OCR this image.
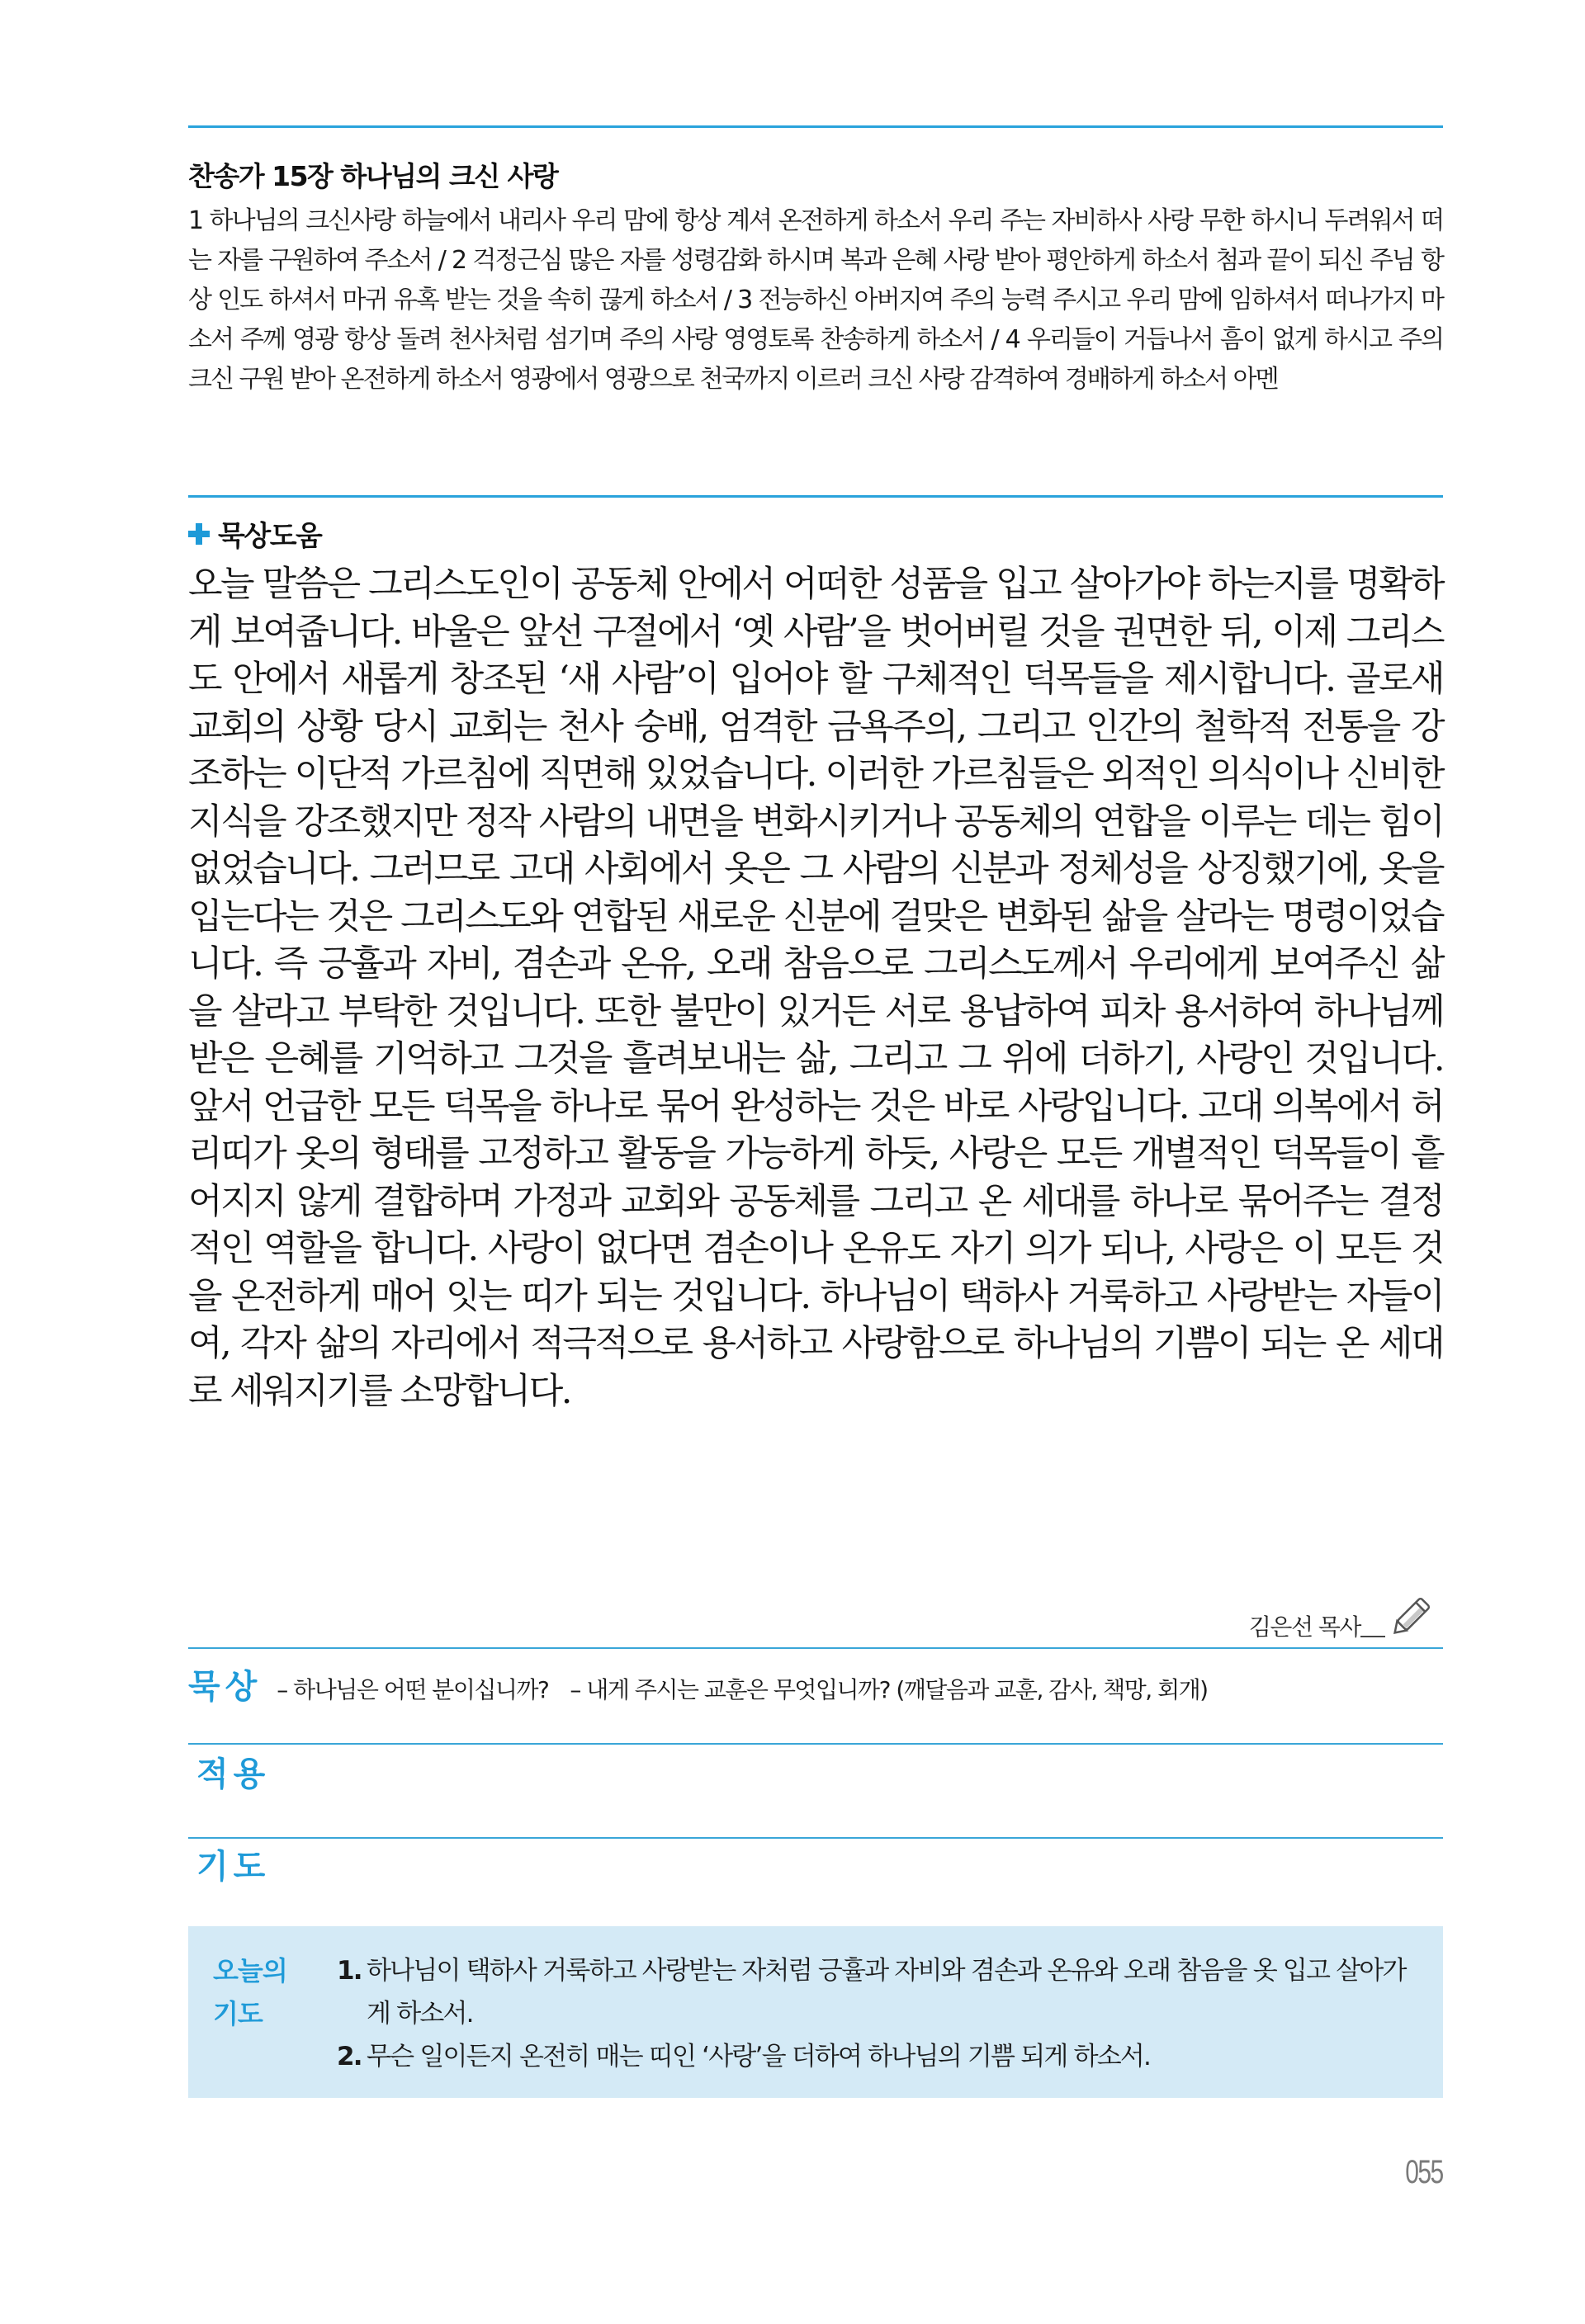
찬송가 15장 하나님의 크신 사랑
1 하나님의 크신사랑 하늘에서 내리사 우리 맘에 항상 계셔 온전하게 하소서 우리 주는 자비하사 사랑 무한 하시니 두려워서 떠는 자를 구원하여 주소서 / 2 걱정근심 많은 자를 성령감화 하시며 복과 은혜 사랑 받아 평안하게 하소서 첨과 끝이 되신 주님 항상 인도 하셔서 마귀 유혹 받는 것을 속히 끊게 하소서 / 3 전능하신 아버지여 주의 능력 주시고 우리 맘에 임하셔서 떠나가지 마소서 주께 영광 항상 돌려 천사처럼 섬기며 주의 사랑 영영토록 찬송하게 하소서 / 4 우리들이 거듭나서 흠이 없게 하시고 주의 크신 구원 받아 온전하게 하소서 영광에서 영광으로 천국까지 이르러 크신 사랑 감격하여 경배하게 하소서 아멘
묵상도움
오늘 말씀은 그리스도인이 공동체 안에서 어떠한 성품을 입고 살아가야 하는지를 명확하게 보여줍니다. 바울은 앞선 구절에서 ‘옛 사람’을 벗어버릴 것을 권면한 뒤, 이제 그리스도 안에서 새롭게 창조된 ‘새 사람’이 입어야 할 구체적인 덕목들을 제시합니다. 골로새 교회의 상황 당시 교회는 천사 숭배, 엄격한 금욕주의, 그리고 인간의 철학적 전통을 강조하는 이단적 가르침에 직면해 있었습니다. 이러한 가르침들은 외적인 의식이나 신비한 지식을 강조했지만 정작 사람의 내면을 변화시키거나 공동체의 연합을 이루는 데는 힘이 없었습니다. 그러므로 고대 사회에서 옷은 그 사람의 신분과 정체성을 상징했기에, 옷을 입는다는 것은 그리스도와 연합된 새로운 신분에 걸맞은 변화된 삶을 살라는 명령이었습니다. 즉 긍휼과 자비, 겸손과 온유, 오래 참음으로 그리스도께서 우리에게 보여주신 삶을 살라고 부탁한 것입니다. 또한 불만이 있거든 서로 용납하여 피차 용서하여 하나님께 받은 은혜를 기억하고 그것을 흘려보내는 삶, 그리고 그 위에 더하기, 사랑인 것입니다. 앞서 언급한 모든 덕목을 하나로 묶어 완성하는 것은 바로 사랑입니다. 고대 의복에서 허리띠가 옷의 형태를 고정하고 활동을 가능하게 하듯, 사랑은 모든 개별적인 덕목들이 흩어지지 않게 결합하며 가정과 교회와 공동체를 그리고 온 세대를 하나로 묶어주는 결정적인 역할을 합니다. 사랑이 없다면 겸손이나 온유도 자기 의가 되나, 사랑은 이 모든 것을 온전하게 매어 잇는 띠가 되는 것입니다. 하나님이 택하사 거룩하고 사랑받는 자들이여, 각자 삶의 자리에서 적극적으로 용서하고 사랑함으로 하나님의 기쁨이 되는 온 세대로 세워지기를 소망합니다.
김은선 목사
묵상 – 하나님은 어떤 분이십니까? – 내게 주시는 교훈은 무엇입니까? (깨달음과 교훈, 감사, 책망, 회개)
적용
기도
오늘의
기도
1. 하나님이 택하사 거룩하고 사랑받는 자처럼 긍휼과 자비와 겸손과 온유와 오래 참음을 옷 입고 살아가게 하소서.
2. 무슨 일이든지 온전히 매는 띠인 ‘사랑’을 더하여 하나님의 기쁨 되게 하소서.
055
